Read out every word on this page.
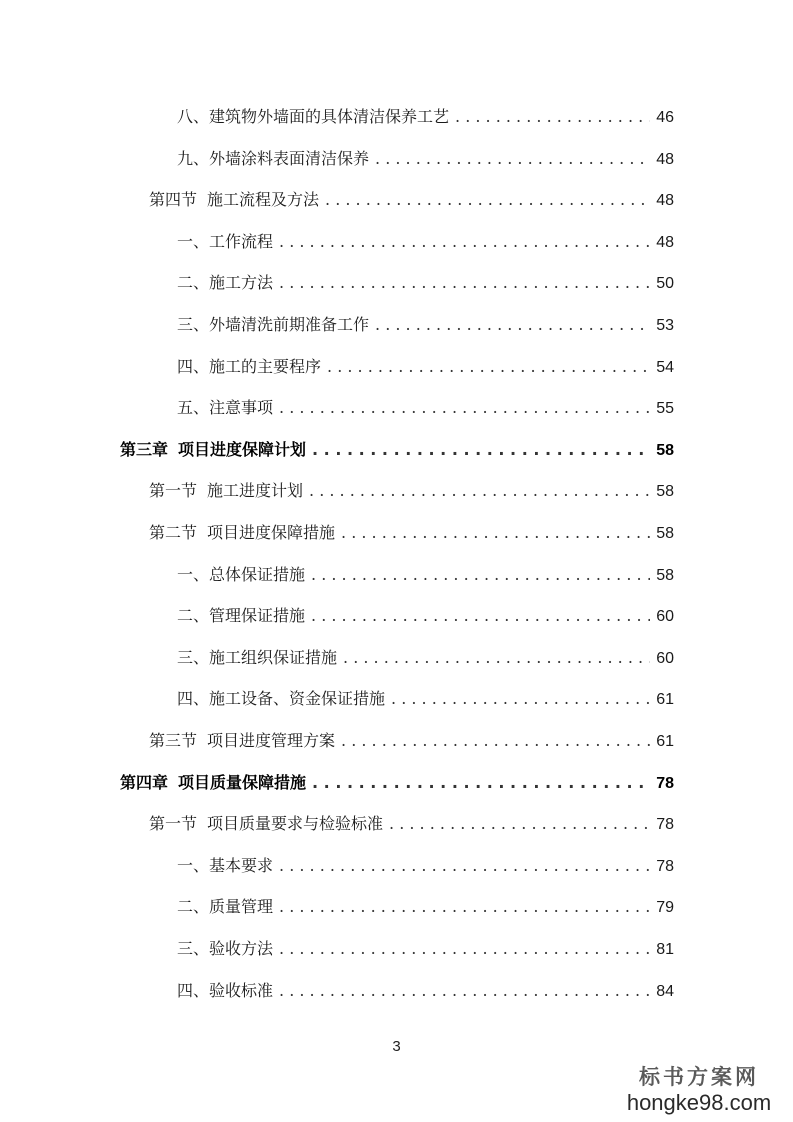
八、建筑物外墙面的具体清洁保养工艺 . . .	46
九、外墙涂料表面清洁保养 . . .	48
第四节 施工流程及方法 . . .	48
一、工作流程 . . .	48
二、施工方法 . . .	50
三、外墙清洗前期准备工作 . . .	53
四、施工的主要程序 . . .	54
五、注意事项 . . .	55
第三章 项目进度保障计划 . . .	58
第一节 施工进度计划 . . .	58
第二节 项目进度保障措施 . . .	58
一、总体保证措施 . . .	58
二、管理保证措施 . . .	60
三、施工组织保证措施 . . .	60
四、施工设备、资金保证措施 . . .	61
第三节 项目进度管理方案 . . .	61
第四章 项目质量保障措施 . . .	78
第一节 项目质量要求与检验标准 . . .	78
一、基本要求 . . .	78
二、质量管理 . . .	79
三、验收方法 . . .	81
四、验收标准 . . .	84
3
标书方案网
hongke98.com
